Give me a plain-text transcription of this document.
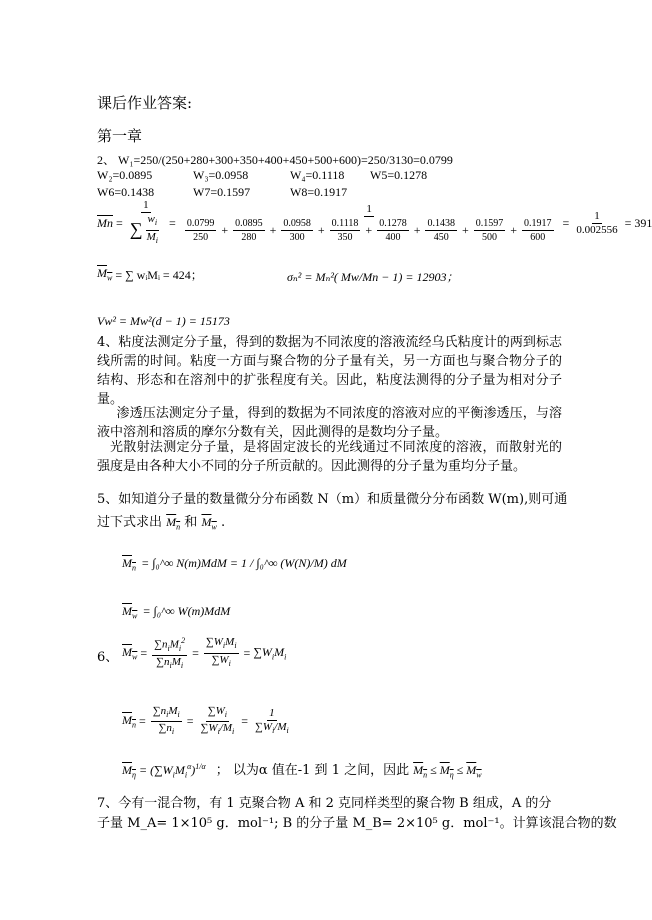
课后作业答案:
第一章
2、 W₁=250/(250+280+300+350+400+450+500+600)=250/3130=0.0799
W₂=0.0895	W₃=0.0958	W₄=0.1118 W5=0.1278
W6=0.1438	W7=0.1597	W8=0.1917
$\overline{Mn} = \frac{1}{\sum \frac{w_i}{M_i}}$ =
1
$\frac{0.0799}{250} + \frac{0.0895}{280} + \frac{0.0958}{300} + \frac{0.1118}{350} + \frac{0.1278}{400} + \frac{0.1438}{450} + \frac{0.1597}{500} + \frac{0.1917}{600} = \frac{1}{0.002556} = 391$
$M_w$ = ∑ wᵢMᵢ = 424；	σₙ² = Mₙ²( Mw/Mn − 1) = 12903；
Vw² = Mw²(d − 1) = 15173
4、粘度法测定分子量，得到的数据为不同浓度的溶液流经乌氏粘度计的两到标志线所需的时间。粘度一方面与聚合物的分子量有关，另一方面也与聚合物分子的结构、形态和在溶剂中的扩张程度有关。因此，粘度法测得的分子量为相对分子量。
渗透压法测定分子量，得到的数据为不同浓度的溶液对应的平衡渗透压，与溶液中溶剂和溶质的摩尔分数有关，因此测得的是数均分子量。
光散射法测定分子量，是将固定波长的光线通过不同浓度的溶液，而散射光的强度是由各种大小不同的分子所贡献的。因此测得的分子量为重均分子量。
5、如知道分子量的数量微分分布函数 N（m）和质量微分分布函数 W(m),则可通
过下式求出 $M_n$ 和 $M_w$ .
$M_n$ = ∫₀^∞ N(m)MdM = 1 / ∫₀^∞ (W(N)/M) dM
$M_w$ = ∫₀^∞ W(m)MdM
6、 $M_w = \frac{\sum n_iM_i^2}{\sum n_iM_i} = \frac{\sum W_iM_i}{\sum W_i} = \sum W_iM_i$
$M_n = \frac{\sum n_iM_i}{\sum n_i} = \frac{\sum W_i}{\sum W_i/M_i} = \frac{1}{\sum W_i/M_i}$
$M_\eta = (\sum W_iM_i^\alpha)^{1/\alpha}$ ； 以为α 值在-1 到 1 之间，因此 $M_n \le M_\eta \le M_w$
7、今有一混合物，有 1 克聚合物 A 和 2 克同样类型的聚合物 B 组成，A 的分
子量 M_A= 1×10⁵ g．mol⁻¹; B 的分子量 M_B= 2×10⁵ g．mol⁻¹。计算该混合物的数
